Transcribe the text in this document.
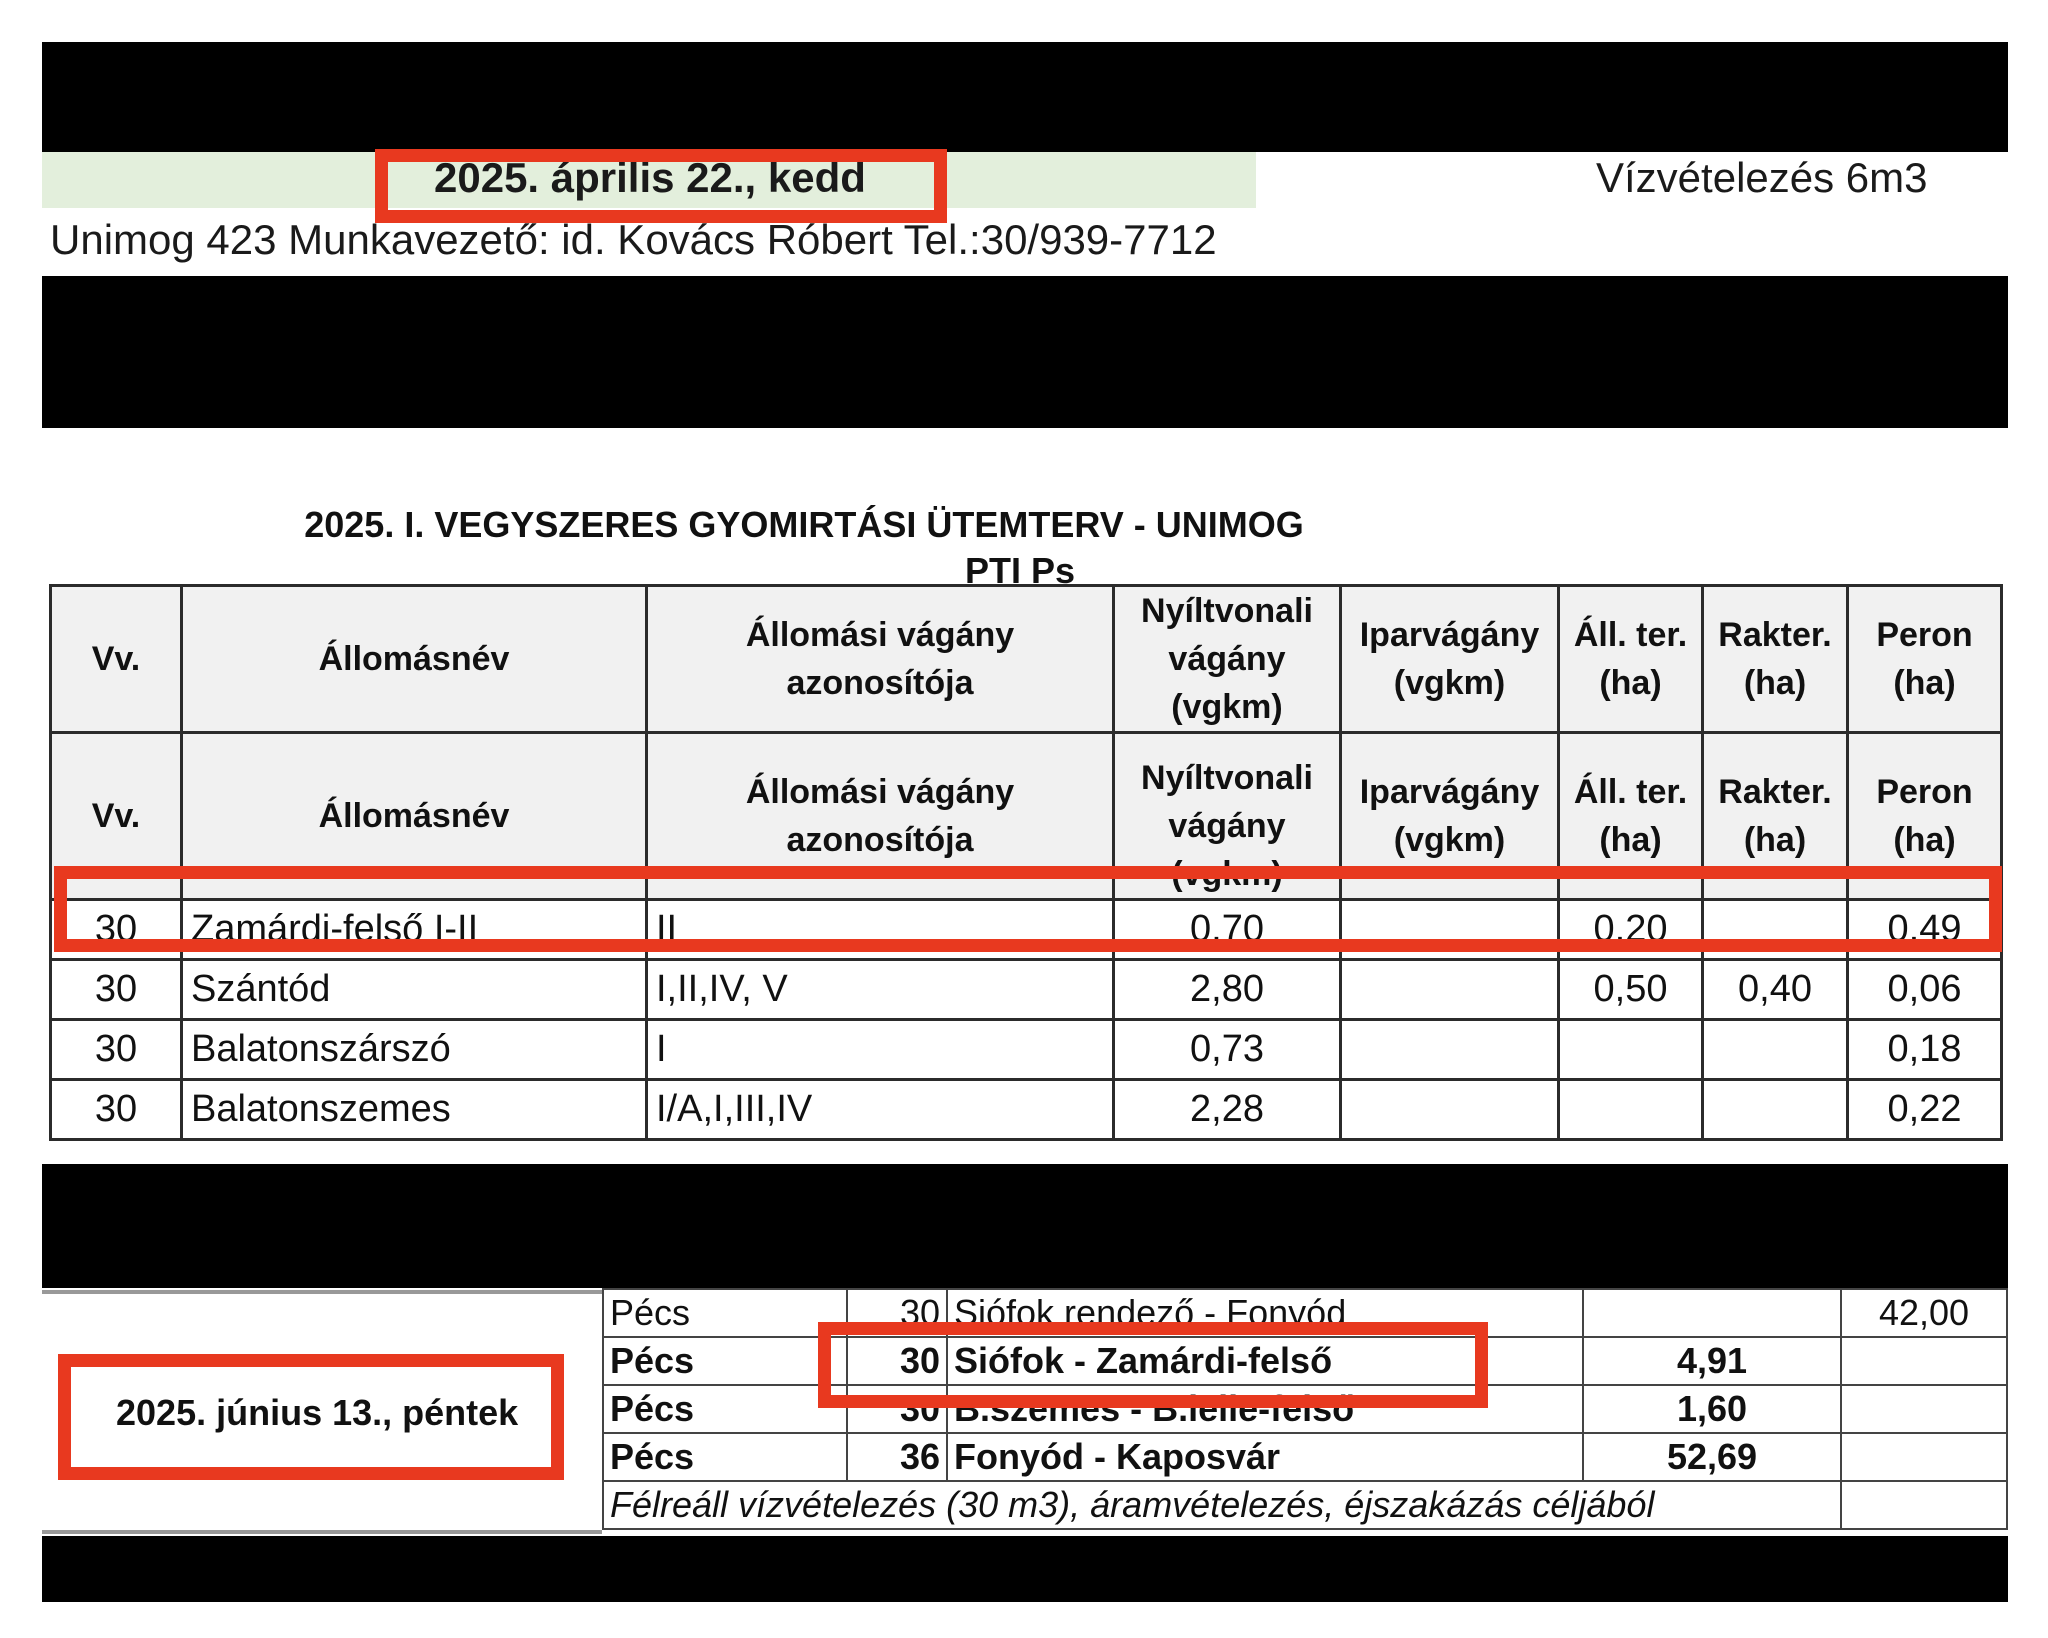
2025. április 22., kedd	Vízvételezés 6m3
Unimog 423 Munkavezető: id. Kovács Róbert Tel.:30/939-7712
2025. I. VEGYSZERES GYOMIRTÁSI ÜTEMTERV - UNIMOG
PTI Ps
Vv.	Állomásnév	Állomási vágány azonosítója	Nyíltvonali vágány (vgkm)	Iparvágány (vgkm)	Áll. ter. (ha)	Rakter. (ha)	Peron (ha)
Vv.	Állomásnév	Állomási vágány azonosítója	Nyíltvonali vágány (vgkm)	Iparvágány (vgkm)	Áll. ter. (ha)	Rakter. (ha)	Peron (ha)
30	Zamárdi-felső I-II	II	0,70		0,20		0,49
30	Szántód	I,II,IV, V	2,80		0,50	0,40	0,06
30	Balatonszárszó	I	0,73				0,18
30	Balatonszemes	I/A,I,III,IV	2,28				0,22
Pécs	30	Siófok rendező - Fonyód		42,00
Pécs	30	Siófok - Zamárdi-felső	4,91	
Pécs	30	B.szemes - B.lelle-felső	1,60	
Pécs	36	Fonyód - Kaposvár	52,69	
Félreáll vízvételezés (30 m3), áramvételezés, éjszakázás céljából				
2025. június 13., péntek
